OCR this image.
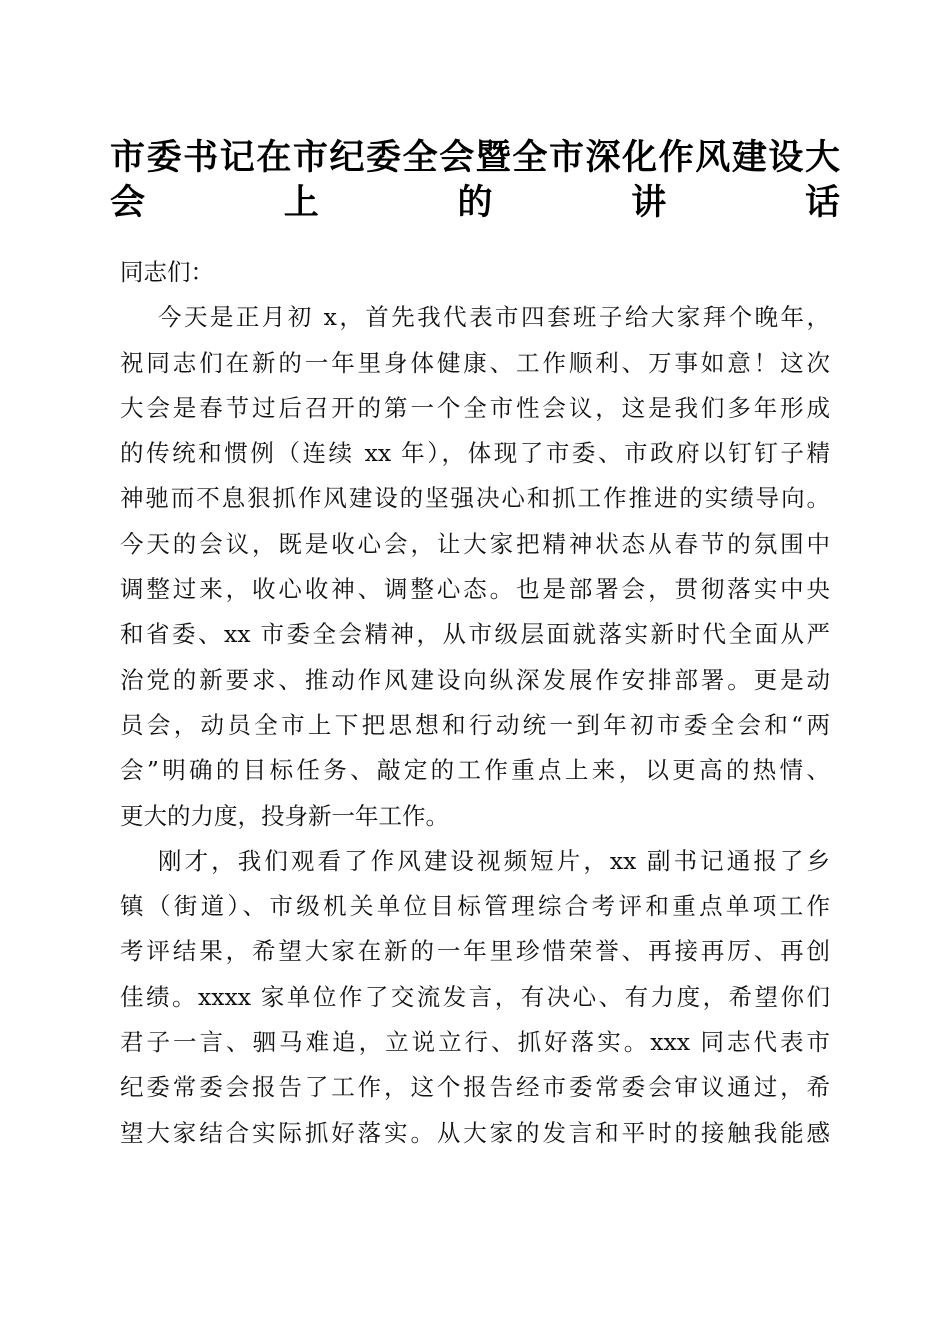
市委书记在市纪委全会暨全市深化作风建设大
会上的讲话
同志们：
今天是正月初 x，首先我代表市四套班子给大家拜个晚年，
祝同志们在新的一年里身体健康、工作顺利、万事如意！这次
大会是春节过后召开的第一个全市性会议，这是我们多年形成
的传统和惯例（连续 xx 年），体现了市委、市政府以钉钉子精
神驰而不息狠抓作风建设的坚强决心和抓工作推进的实绩导向。
今天的会议，既是收心会，让大家把精神状态从春节的氛围中
调整过来，收心收神、调整心态。也是部署会，贯彻落实中央
和省委、xx 市委全会精神，从市级层面就落实新时代全面从严
治党的新要求、推动作风建设向纵深发展作安排部署。更是动
员会，动员全市上下把思想和行动统一到年初市委全会和“两
会”明确的目标任务、敲定的工作重点上来，以更高的热情、
更大的力度，投身新一年工作。
刚才，我们观看了作风建设视频短片，xx 副书记通报了乡
镇（街道）、市级机关单位目标管理综合考评和重点单项工作
考评结果，希望大家在新的一年里珍惜荣誉、再接再厉、再创
佳绩。xxxx 家单位作了交流发言，有决心、有力度，希望你们
君子一言、驷马难追，立说立行、抓好落实。xxx 同志代表市
纪委常委会报告了工作，这个报告经市委常委会审议通过，希
望大家结合实际抓好落实。从大家的发言和平时的接触我能感
